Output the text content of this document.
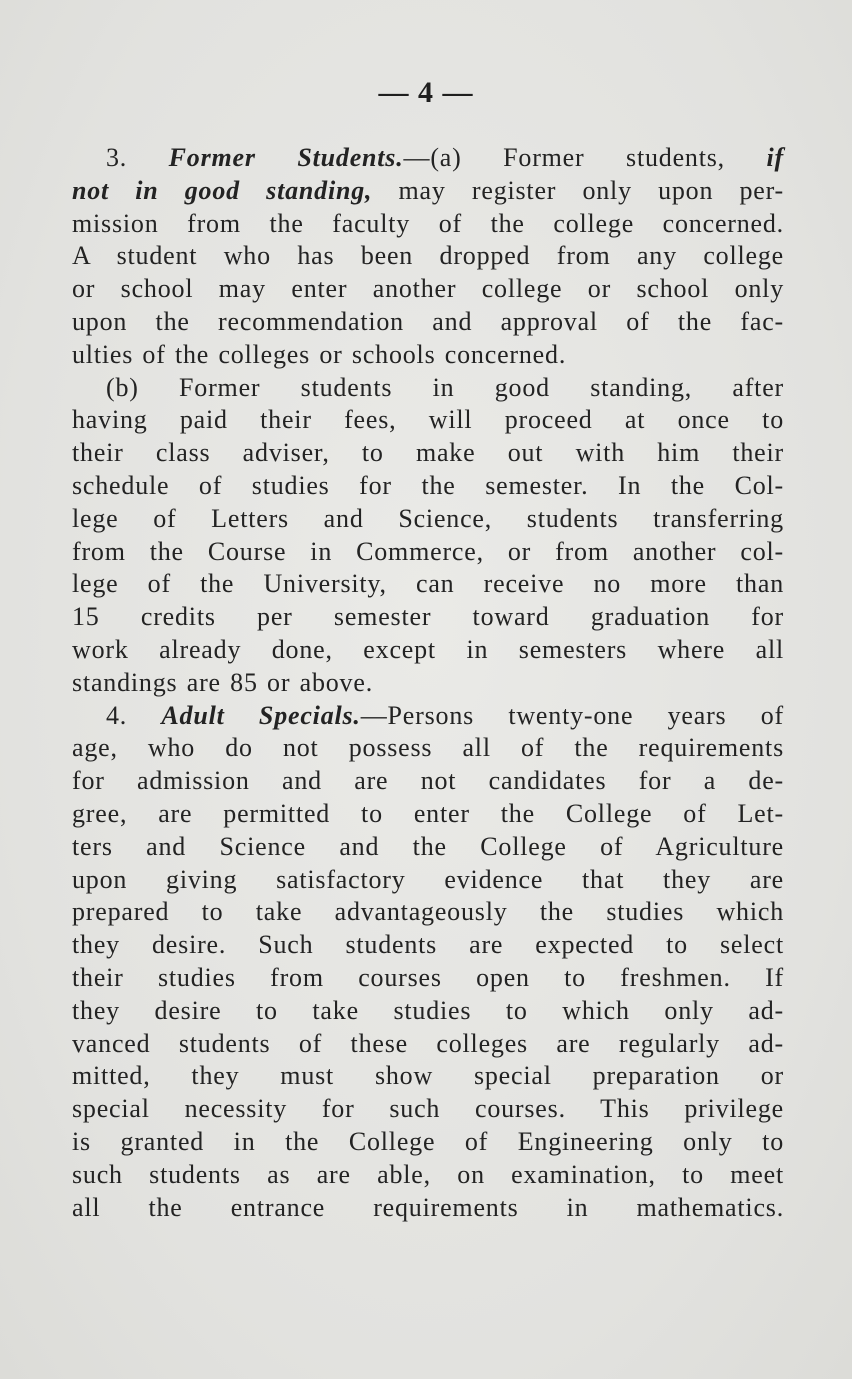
— 4 —
3. Former Students.—(a) Former students, if
not in good standing, may register only upon per-
mission from the faculty of the college concerned.
A student who has been dropped from any college
or school may enter another college or school only
upon the recommendation and approval of the fac-
ulties of the colleges or schools concerned.
(b) Former students in good standing, after
having paid their fees, will proceed at once to
their class adviser, to make out with him their
schedule of studies for the semester. In the Col-
lege of Letters and Science, students transferring
from the Course in Commerce, or from another col-
lege of the University, can receive no more than
15 credits per semester toward graduation for
work already done, except in semesters where all
standings are 85 or above.
4. Adult Specials.—Persons twenty-one years of
age, who do not possess all of the requirements
for admission and are not candidates for a de-
gree, are permitted to enter the College of Let-
ters and Science and the College of Agriculture
upon giving satisfactory evidence that they are
prepared to take advantageously the studies which
they desire. Such students are expected to select
their studies from courses open to freshmen. If
they desire to take studies to which only ad-
vanced students of these colleges are regularly ad-
mitted, they must show special preparation or
special necessity for such courses. This privilege
is granted in the College of Engineering only to
such students as are able, on examination, to meet
all the entrance requirements in mathematics.
